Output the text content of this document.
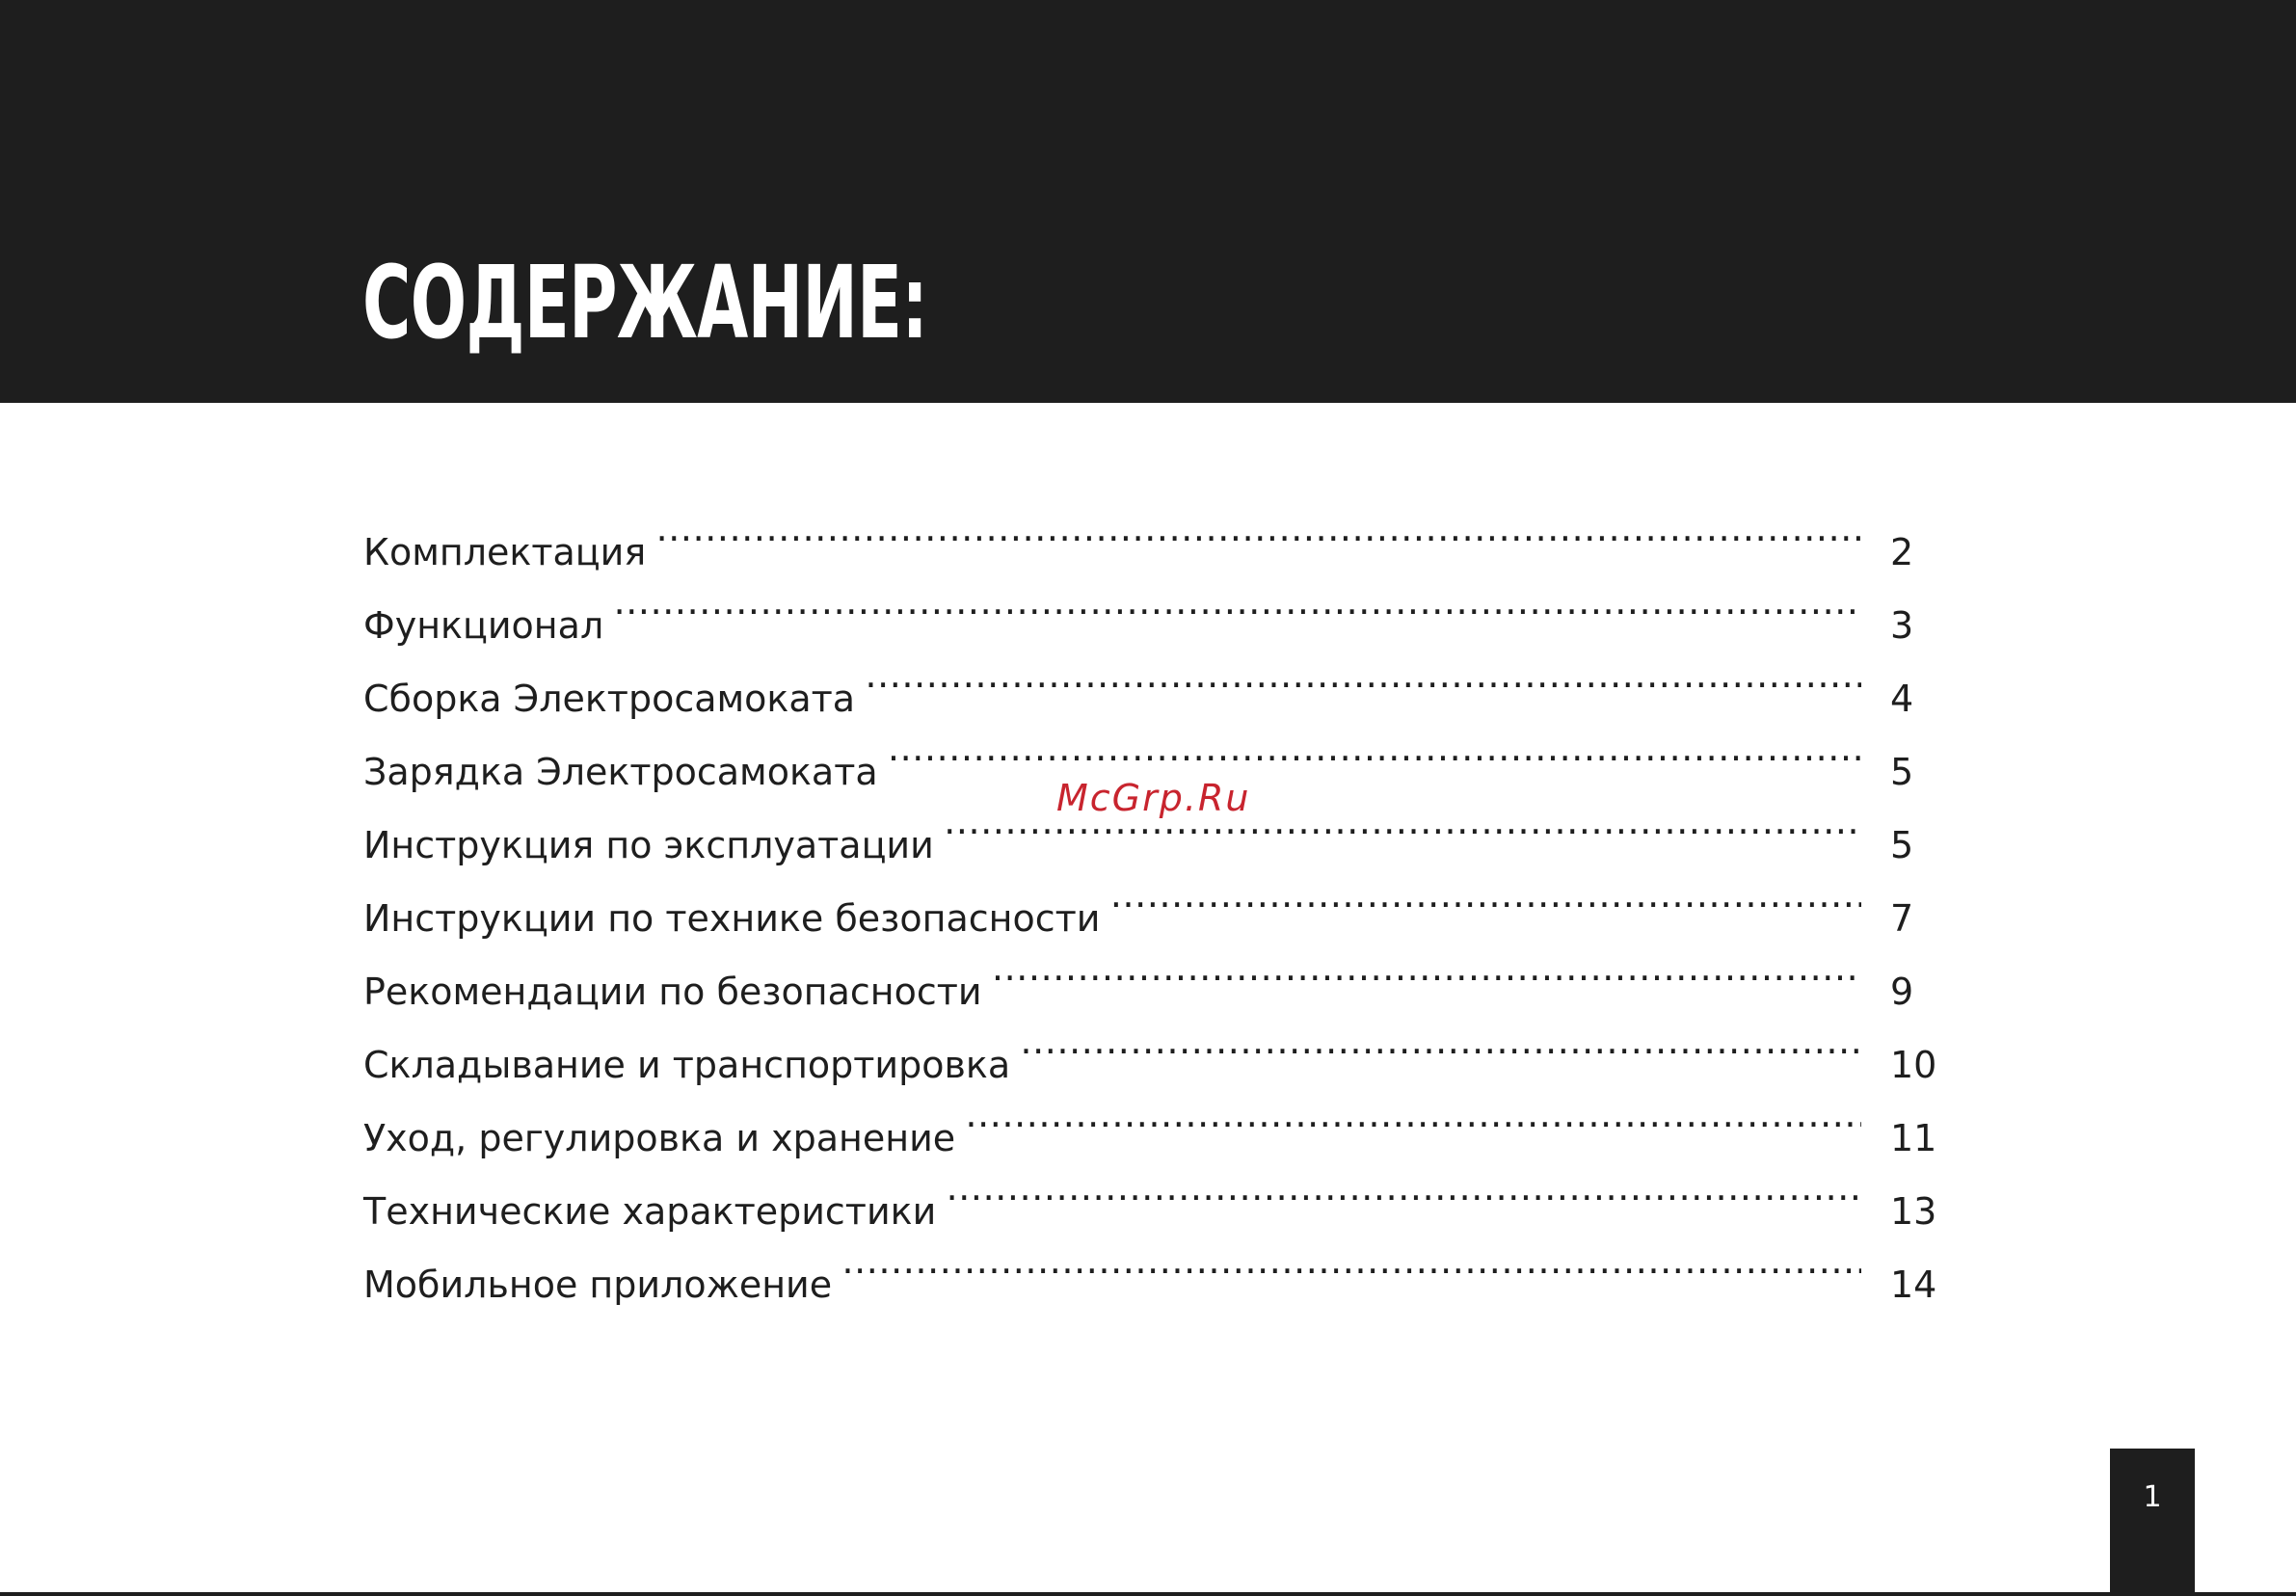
СОДЕРЖАНИЕ:
Комплектация ……………………………………………………………………………………………………………………………………………………………………………………………………	2
Функционал ……………………………………………………………………………………………………………………………………………………………………………………………………	3
Сборка Электросамоката ……………………………………………………………………………………………………………………………………………………………………………………………………	4
Зарядка Электросамоката ……………………………………………………………………………………………………………………………………………………………………………………………………	5
Инструкция по эксплуатации ……………………………………………………………………………………………………………………………………………………………………………………………………	5
Инструкции по технике безопасности ……………………………………………………………………………………………………………………………………………………………………………………………………	7
Рекомендации по безопасности ……………………………………………………………………………………………………………………………………………………………………………………………………	9
Складывание и транспортировка ……………………………………………………………………………………………………………………………………………………………………………………………………	10
Уход, регулировка и хранение ……………………………………………………………………………………………………………………………………………………………………………………………………	11
Технические характеристики ……………………………………………………………………………………………………………………………………………………………………………………………………	13
Мобильное приложение ……………………………………………………………………………………………………………………………………………………………………………………………………	14
McGrp.Ru
1
